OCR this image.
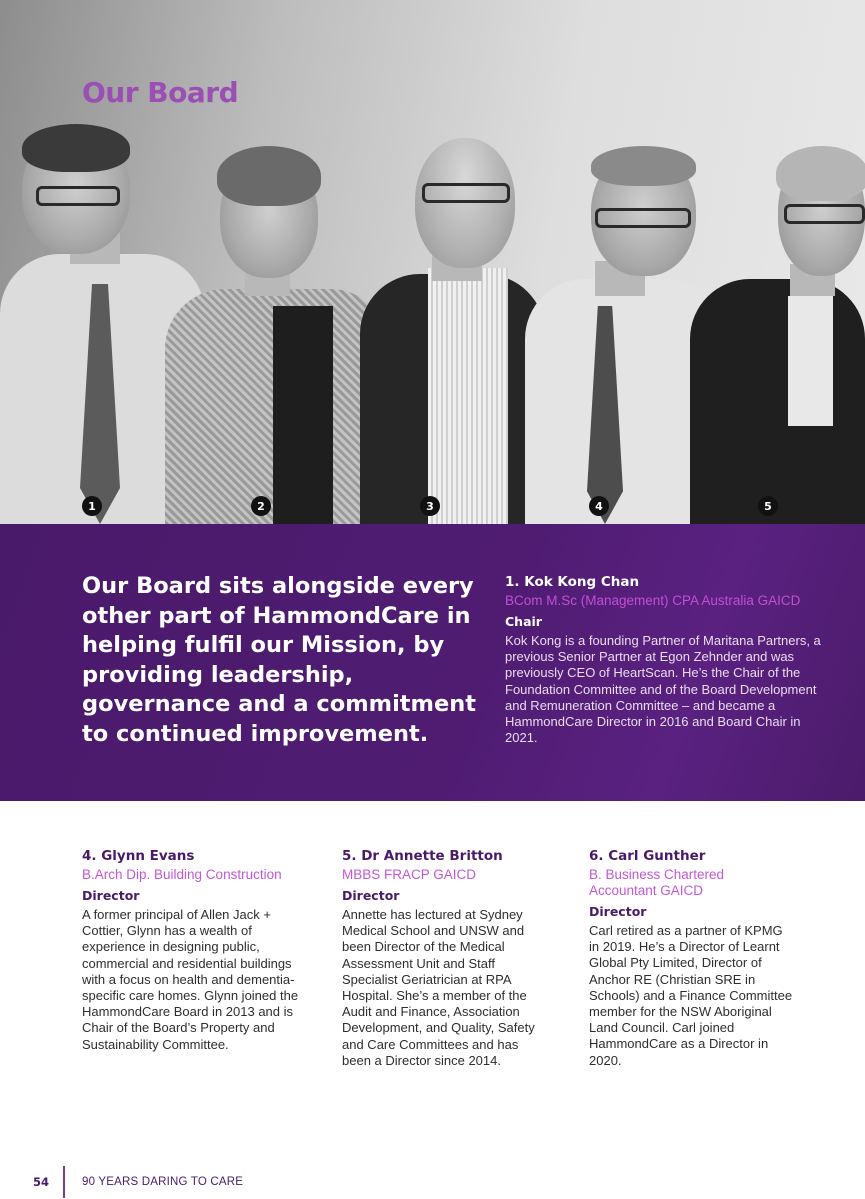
Our Board
1	2	3	4	5
Our Board sits alongside every other part of HammondCare in helping fulfil our Mission, by providing leadership, governance and a commitment to continued improvement.
1. Kok Kong Chan
BCom M.Sc (Management) CPA Australia GAICD
Chair
Kok Kong is a founding Partner of Maritana Partners, a previous Senior Partner at Egon Zehnder and was previously CEO of HeartScan. He’s the Chair of the Foundation Committee and of the Board Development and Remuneration Committee – and became a HammondCare Director in 2016 and Board Chair in 2021.
4. Glynn Evans
B.Arch Dip. Building Construction
Director
A former principal of Allen Jack + Cottier, Glynn has a wealth of experience in designing public, commercial and residential buildings with a focus on health and dementia-specific care homes. Glynn joined the HammondCare Board in 2013 and is Chair of the Board’s Property and Sustainability Committee.
5. Dr Annette Britton
MBBS FRACP GAICD
Director
Annette has lectured at Sydney Medical School and UNSW and been Director of the Medical Assessment Unit and Staff Specialist Geriatrician at RPA Hospital. She’s a member of the Audit and Finance, Association Development, and Quality, Safety and Care Committees and has been a Director since 2014.
6. Carl Gunther
B. Business Chartered Accountant GAICD
Director
Carl retired as a partner of KPMG in 2019. He’s a Director of Learnt Global Pty Limited, Director of Anchor RE (Christian SRE in Schools) and a Finance Committee member for the NSW Aboriginal Land Council. Carl joined HammondCare as a Director in 2020.
54	90 YEARS DARING TO CARE
